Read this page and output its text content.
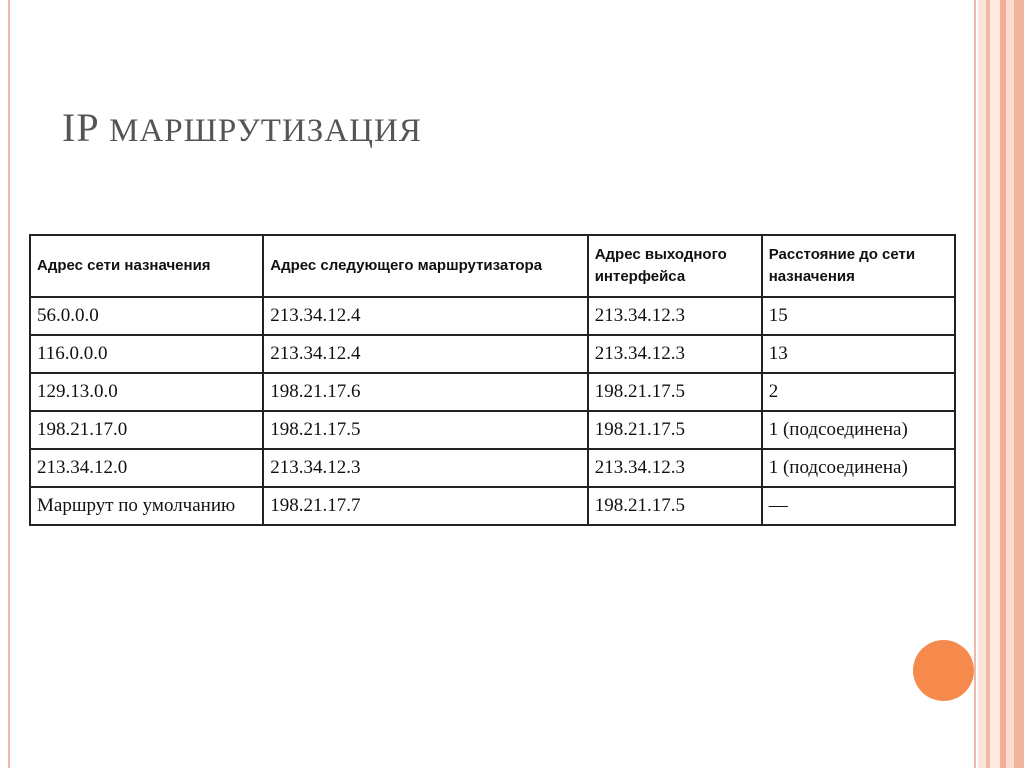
IP МАРШРУТИЗАЦИЯ
Адрес сети назначения	Адрес следующего маршрутизатора	Адрес выходного интерфейса	Расстояние до сети назначения
56.0.0.0	213.34.12.4	213.34.12.3	15
116.0.0.0	213.34.12.4	213.34.12.3	13
129.13.0.0	198.21.17.6	198.21.17.5	2
198.21.17.0	198.21.17.5	198.21.17.5	1 (подсоединена)
213.34.12.0	213.34.12.3	213.34.12.3	1 (подсоединена)
Маршрут по умолчанию	198.21.17.7	198.21.17.5	—
